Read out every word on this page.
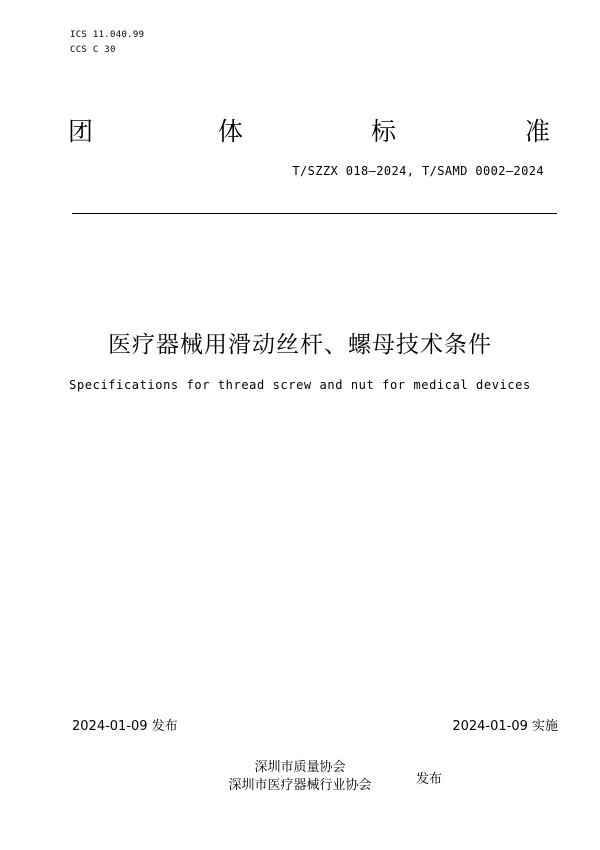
ICS 11.040.99
CCS C 30
团	体	标	准
T/SZZX 018—2024, T/SAMD 0002—2024
医疗器械用滑动丝杆、螺母技术条件
Specifications for thread screw and nut for medical devices
2024-01-09 发布	2024-01-09 实施
深圳市质量协会
深圳市医疗器械行业协会	发布
